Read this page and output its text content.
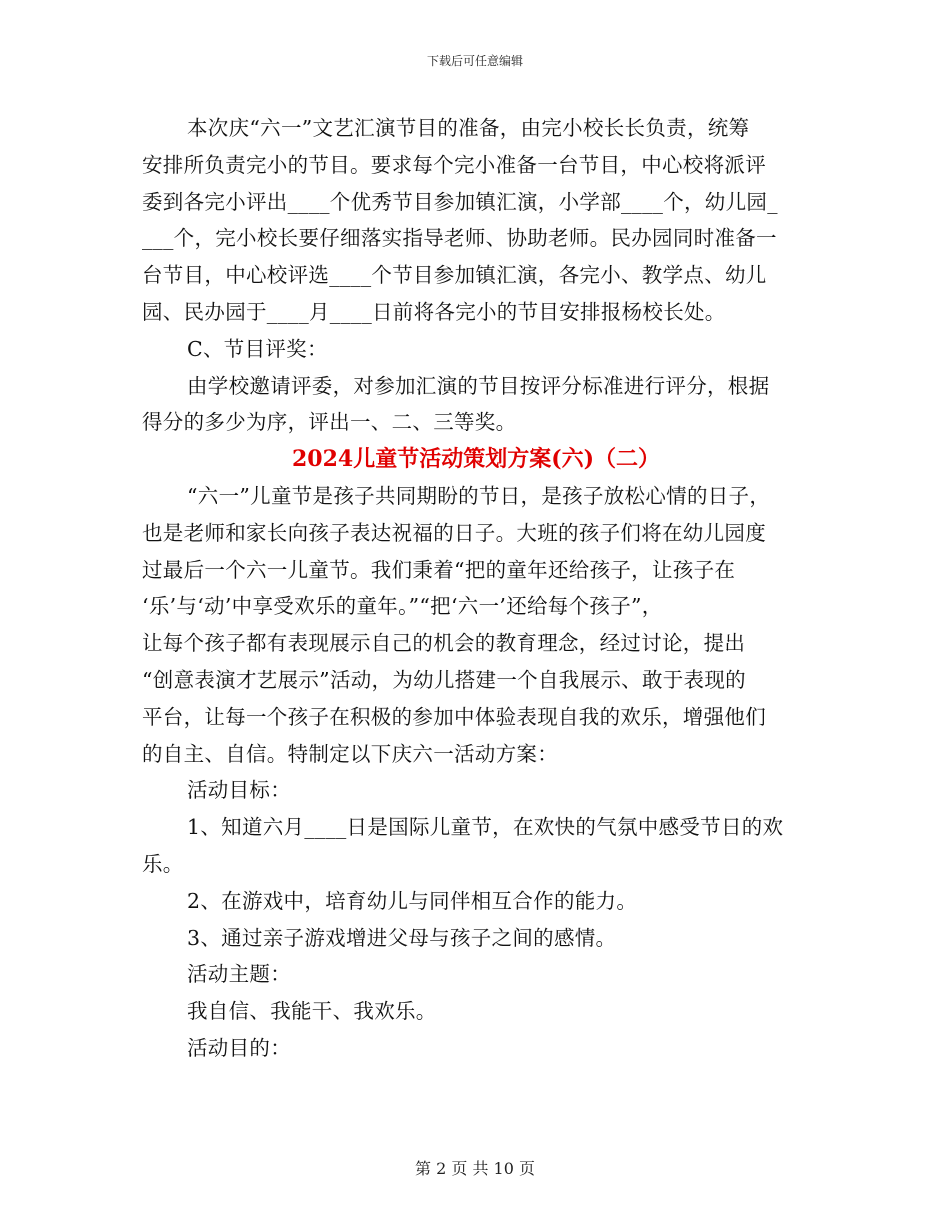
下载后可任意编辑
本次庆“六一”文艺汇演节目的准备，由完小校长长负责，统筹
安排所负责完小的节目。要求每个完小准备一台节目，中心校将派评
委到各完小评出____个优秀节目参加镇汇演，小学部____个，幼儿园_
___个，完小校长要仔细落实指导老师、协助老师。民办园同时准备一
台节目，中心校评选____个节目参加镇汇演，各完小、教学点、幼儿
园、民办园于____月____日前将各完小的节目安排报杨校长处。
C、节目评奖：
由学校邀请评委，对参加汇演的节目按评分标准进行评分，根据
得分的多少为序，评出一、二、三等奖。
2024儿童节活动策划方案(六)（二）
“六一”儿童节是孩子共同期盼的节日，是孩子放松心情的日子，
也是老师和家长向孩子表达祝福的日子。大班的孩子们将在幼儿园度
过最后一个六一儿童节。我们秉着“把的童年还给孩子，让孩子在
‘乐’与‘动’中享受欢乐的童年。”“把‘六一’还给每个孩子”，
让每个孩子都有表现展示自己的机会的教育理念，经过讨论，提出
“创意表演才艺展示”活动，为幼儿搭建一个自我展示、敢于表现的
平台，让每一个孩子在积极的参加中体验表现自我的欢乐，增强他们
的自主、自信。特制定以下庆六一活动方案：
活动目标：
1、知道六月____日是国际儿童节，在欢快的气氛中感受节日的欢
乐。
2、在游戏中，培育幼儿与同伴相互合作的能力。
3、通过亲子游戏增进父母与孩子之间的感情。
活动主题：
我自信、我能干、我欢乐。
活动目的：
第 2 页 共 10 页
